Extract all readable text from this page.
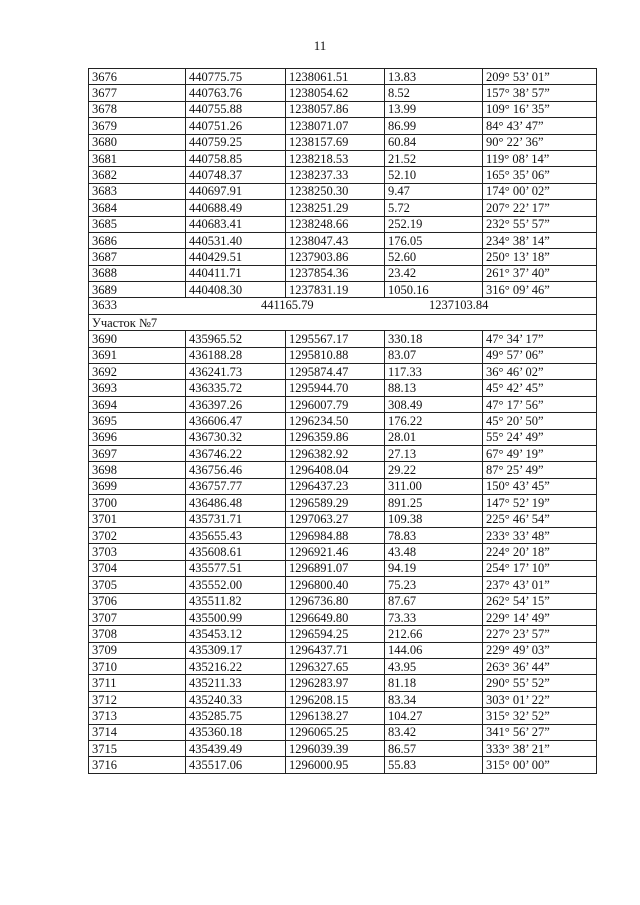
11
3676	440775.75	1238061.51	13.83	209° 53’ 01”
3677	440763.76	1238054.62	8.52	157° 38’ 57”
3678	440755.88	1238057.86	13.99	109° 16’ 35”
3679	440751.26	1238071.07	86.99	84° 43’ 47”
3680	440759.25	1238157.69	60.84	90° 22’ 36”
3681	440758.85	1238218.53	21.52	119° 08’ 14”
3682	440748.37	1238237.33	52.10	165° 35’ 06”
3683	440697.91	1238250.30	9.47	174° 00’ 02”
3684	440688.49	1238251.29	5.72	207° 22’ 17”
3685	440683.41	1238248.66	252.19	232° 55’ 57”
3686	440531.40	1238047.43	176.05	234° 38’ 14”
3687	440429.51	1237903.86	52.60	250° 13’ 18”
3688	440411.71	1237854.36	23.42	261° 37’ 40”
3689	440408.30	1237831.19	1050.16	316° 09’ 46”

3633 441165.79 1237103.84				

Участок №7				
3690	435965.52	1295567.17	330.18	47° 34’ 17”
3691	436188.28	1295810.88	83.07	49° 57’ 06”
3692	436241.73	1295874.47	117.33	36° 46’ 02”
3693	436335.72	1295944.70	88.13	45° 42’ 45”
3694	436397.26	1296007.79	308.49	47° 17’ 56”
3695	436606.47	1296234.50	176.22	45° 20’ 50”
3696	436730.32	1296359.86	28.01	55° 24’ 49”
3697	436746.22	1296382.92	27.13	67° 49’ 19”
3698	436756.46	1296408.04	29.22	87° 25’ 49”
3699	436757.77	1296437.23	311.00	150° 43’ 45”
3700	436486.48	1296589.29	891.25	147° 52’ 19”
3701	435731.71	1297063.27	109.38	225° 46’ 54”
3702	435655.43	1296984.88	78.83	233° 33’ 48”
3703	435608.61	1296921.46	43.48	224° 20’ 18”
3704	435577.51	1296891.07	94.19	254° 17’ 10”
3705	435552.00	1296800.40	75.23	237° 43’ 01”
3706	435511.82	1296736.80	87.67	262° 54’ 15”
3707	435500.99	1296649.80	73.33	229° 14’ 49”
3708	435453.12	1296594.25	212.66	227° 23’ 57”
3709	435309.17	1296437.71	144.06	229° 49’ 03”
3710	435216.22	1296327.65	43.95	263° 36’ 44”
3711	435211.33	1296283.97	81.18	290° 55’ 52”
3712	435240.33	1296208.15	83.34	303° 01’ 22”
3713	435285.75	1296138.27	104.27	315° 32’ 52”
3714	435360.18	1296065.25	83.42	341° 56’ 27”
3715	435439.49	1296039.39	86.57	333° 38’ 21”
3716	435517.06	1296000.95	55.83	315° 00’ 00”
